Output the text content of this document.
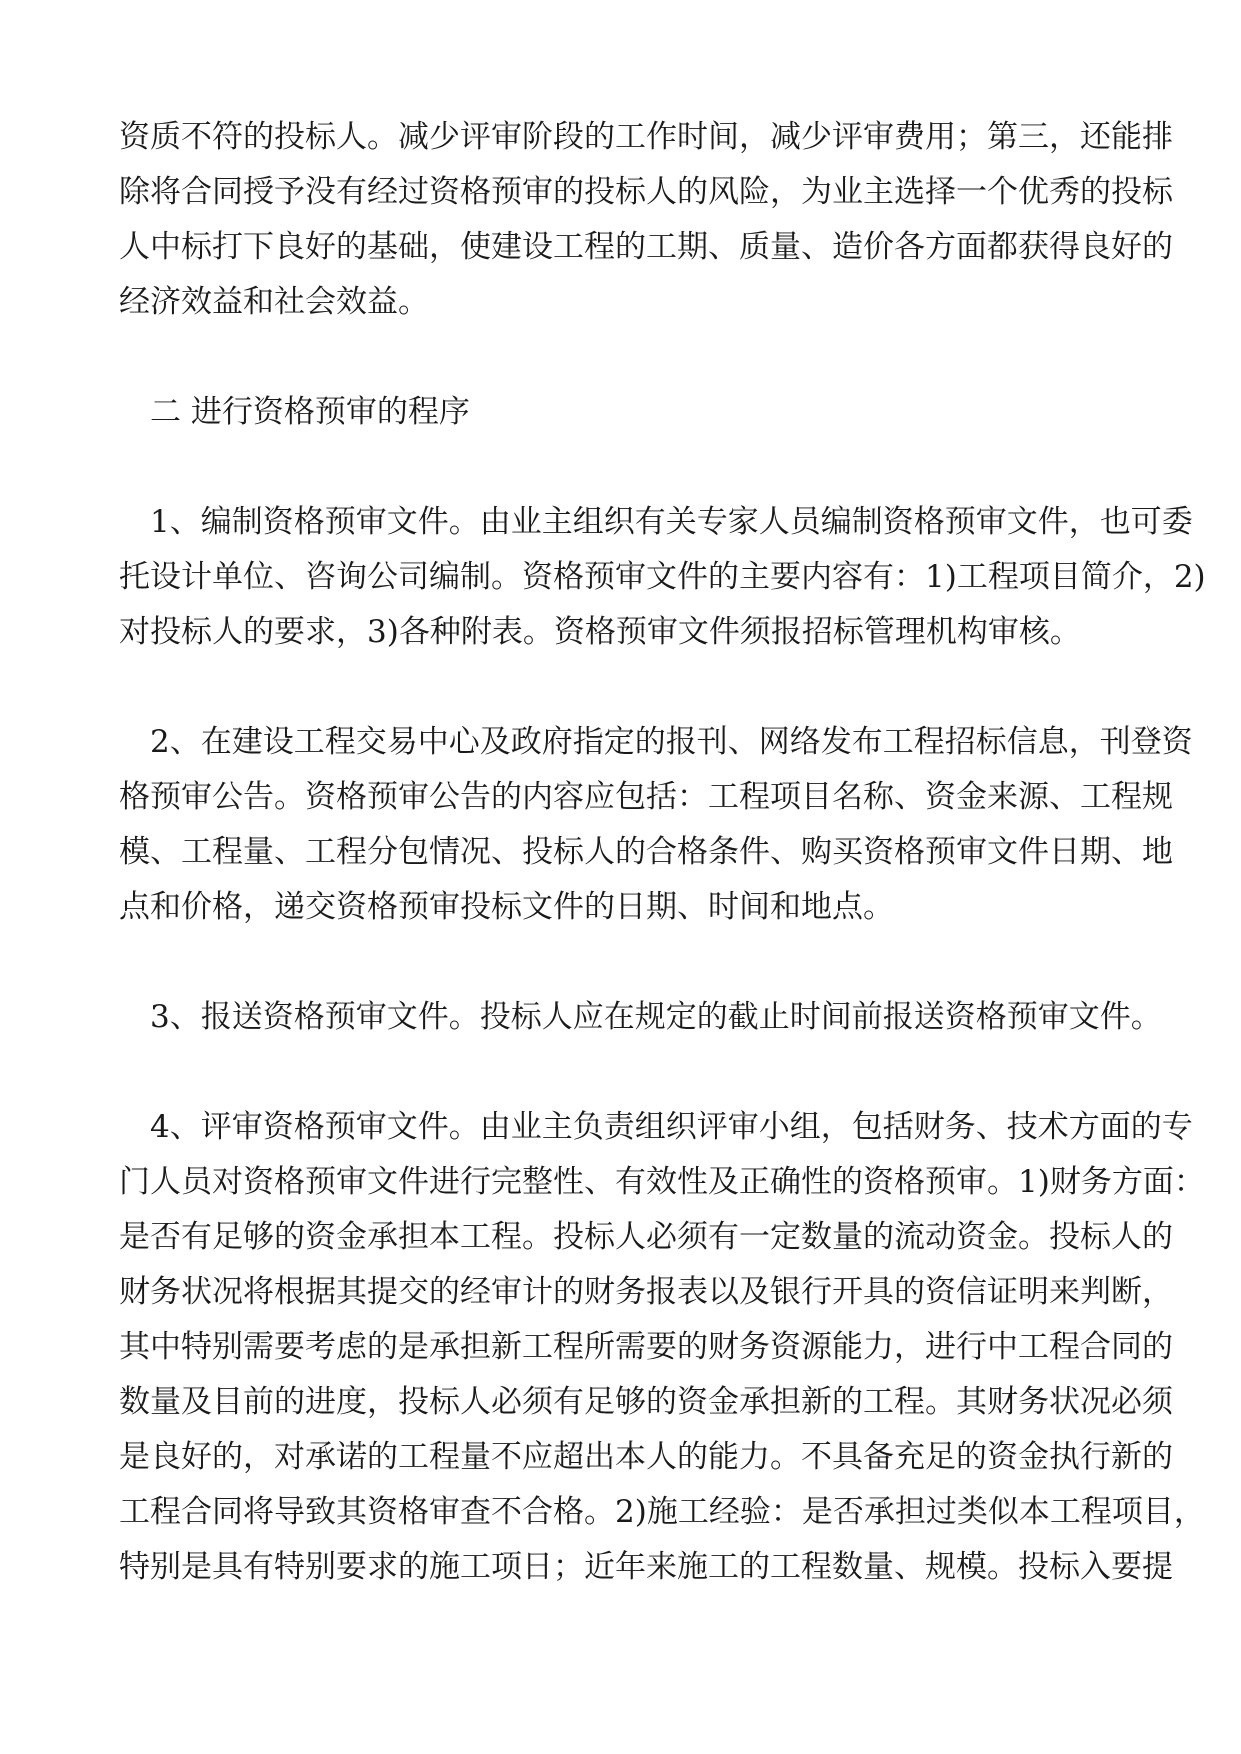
资质不符的投标人。减少评审阶段的工作时间，减少评审费用；第三，还能排
除将合同授予没有经过资格预审的投标人的风险，为业主选择一个优秀的投标
人中标打下良好的基础，使建设工程的工期、质量、造价各方面都获得良好的
经济效益和社会效益。
二 进行资格预审的程序
1、编制资格预审文件。由业主组织有关专家人员编制资格预审文件，也可委
托设计单位、咨询公司编制。资格预审文件的主要内容有：1)工程项目简介，2)
对投标人的要求，3)各种附表。资格预审文件须报招标管理机构审核。
2、在建设工程交易中心及政府指定的报刊、网络发布工程招标信息，刊登资
格预审公告。资格预审公告的内容应包括：工程项目名称、资金来源、工程规
模、工程量、工程分包情况、投标人的合格条件、购买资格预审文件日期、地
点和价格，递交资格预审投标文件的日期、时间和地点。
3、报送资格预审文件。投标人应在规定的截止时间前报送资格预审文件。
4、评审资格预审文件。由业主负责组织评审小组，包括财务、技术方面的专
门人员对资格预审文件进行完整性、有效性及正确性的资格预审。1)财务方面：
是否有足够的资金承担本工程。投标人必须有一定数量的流动资金。投标人的
财务状况将根据其提交的经审计的财务报表以及银行开具的资信证明来判断，
其中特别需要考虑的是承担新工程所需要的财务资源能力，进行中工程合同的
数量及目前的进度，投标人必须有足够的资金承担新的工程。其财务状况必须
是良好的，对承诺的工程量不应超出本人的能力。不具备充足的资金执行新的
工程合同将导致其资格审查不合格。2)施工经验：是否承担过类似本工程项目，
特别是具有特别要求的施工项日；近年来施工的工程数量、规模。投标入要提
